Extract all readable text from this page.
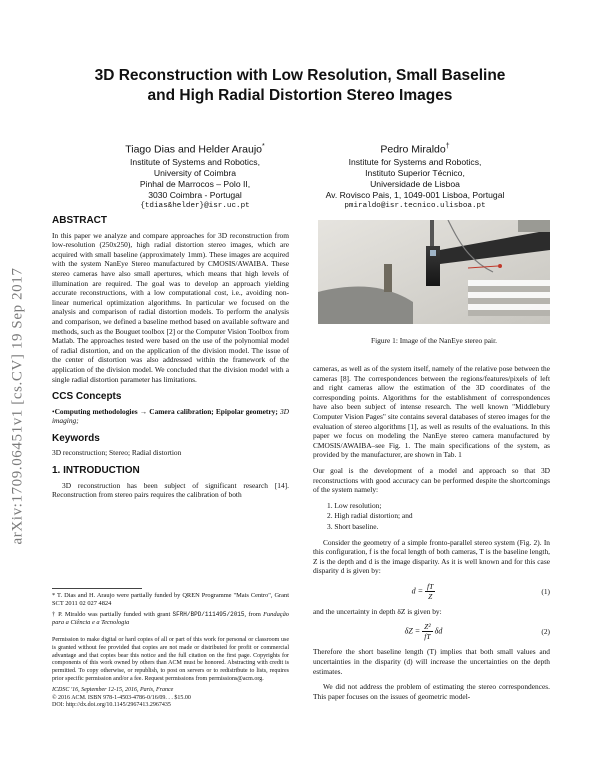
3D Reconstruction with Low Resolution, Small Baseline
and High Radial Distortion Stereo Images
Tiago Dias and Helder Araujo*
Institute of Systems and Robotics,
University of Coimbra
Pinhal de Marrocos – Polo II,
3030 Coimbra - Portugal
{tdias&helder}@isr.uc.pt
Pedro Miraldo†
Institute for Systems and Robotics,
Instituto Superior Técnico,
Universidade de Lisboa
Av. Rovisco Pais, 1, 1049-001 Lisboa, Portugal
pmiraldo@isr.tecnico.ulisboa.pt
arXiv:1709.06451v1 [cs.CV] 19 Sep 2017
ABSTRACT

In this paper we analyze and compare approaches for 3D reconstruction from low-resolution (250x250), high radial distortion stereo images, which are acquired with small baseline (approximately 1mm). These images are acquired with the system NanEye Stereo manufactured by CMOSIS/AWAIBA. These stereo cameras have also small apertures, which means that high levels of illumination are required. The goal was to develop an approach yielding accurate reconstructions, with a low computational cost, i.e., avoiding non-linear numerical optimization algorithms. In particular we focused on the analysis and comparison of radial distortion models. To perform the analysis and comparison, we defined a baseline method based on available software and methods, such as the Bouguet toolbox [2] or the Computer Vision Toolbox from Matlab. The approaches tested were based on the use of the polynomial model of radial distortion, and on the application of the division model. The issue of the center of distortion was also addressed within the framework of the application of the division model. We concluded that the division model with a single radial distortion parameter has limitations.

CCS Concepts

•Computing methodologies → Camera calibration; Epipolar geometry; 3D imaging;

Keywords

3D reconstruction; Stereo; Radial distortion

1. INTRODUCTION

3D reconstruction has been subject of significant research [14]. Reconstruction from stereo pairs requires the calibration of both

* T. Dias and H. Araujo were partially funded by QREN Programme "Mais Centro", Grant SCT 2011 02 027 4824
† P. Miraldo was partially funded with grant SFRH/BPD/111495/2015, from Fundação para a Ciência e a Tecnologia
Permission to make digital or hard copies of all or part of this work for personal or classroom use is granted without fee provided that copies are not made or distributed for profit or commercial advantage and that copies bear this notice and the full citation on the first page. Copyrights for components of this work owned by others than ACM must be honored. Abstracting with credit is permitted. To copy otherwise, or republish, to post on servers or to redistribute to lists, requires prior specific permission and/or a fee. Request permissions from permissions@acm.org.
ICDSC '16, September 12-15, 2016, Paris, France
© 2016 ACM. ISBN 978-1-4503-4786-0/16/09. . . $15.00
DOI: http://dx.doi.org/10.1145/2967413.2967435
Figure 1: Image of the NanEye stereo pair.

cameras, as well as of the system itself, namely of the relative pose between the cameras [8]. The correspondences between the regions/features/pixels of left and right cameras allow the estimation of the 3D coordinates of the corresponding points. Algorithms for the establishment of correspondences have also been subject of intense research. The well known "Middlebury Computer Vision Pages" site contains several databases of stereo images for the evaluation of stereo algorithms [1], as well as results of the evaluations. In this paper we focus on modeling the NanEye stereo camera manufactured by CMOSIS/AWAIBA–see Fig. 1. The main specifications of the system, as provided by the manufacturer, are shown in Tab. 1

Our goal is the development of a model and approach so that 3D reconstructions with good accuracy can be performed despite the shortcomings of the system namely:

1. Low resolution;
2. High radial distortion; and
3. Short baseline.

Consider the geometry of a simple fronto-parallel stereo system (Fig. 2). In this configuration, f is the focal length of both cameras, T is the baseline length, Z is the depth and d is the image disparity. As it is well known and for this case disparity d is given by:

$d = \frac{fT}{Z}$	(1)

and the uncertainty in depth δZ is given by:

$\delta Z = \frac{\text{Z²}}{fT}$ δd	(2)

Therefore the short baseline length (T) implies that both small values and uncertainties in the disparity (d) will increase the uncertainties on the depth estimates.

We did not address the problem of estimating the stereo correspondences. This paper focuses on the issues of geometric model-
